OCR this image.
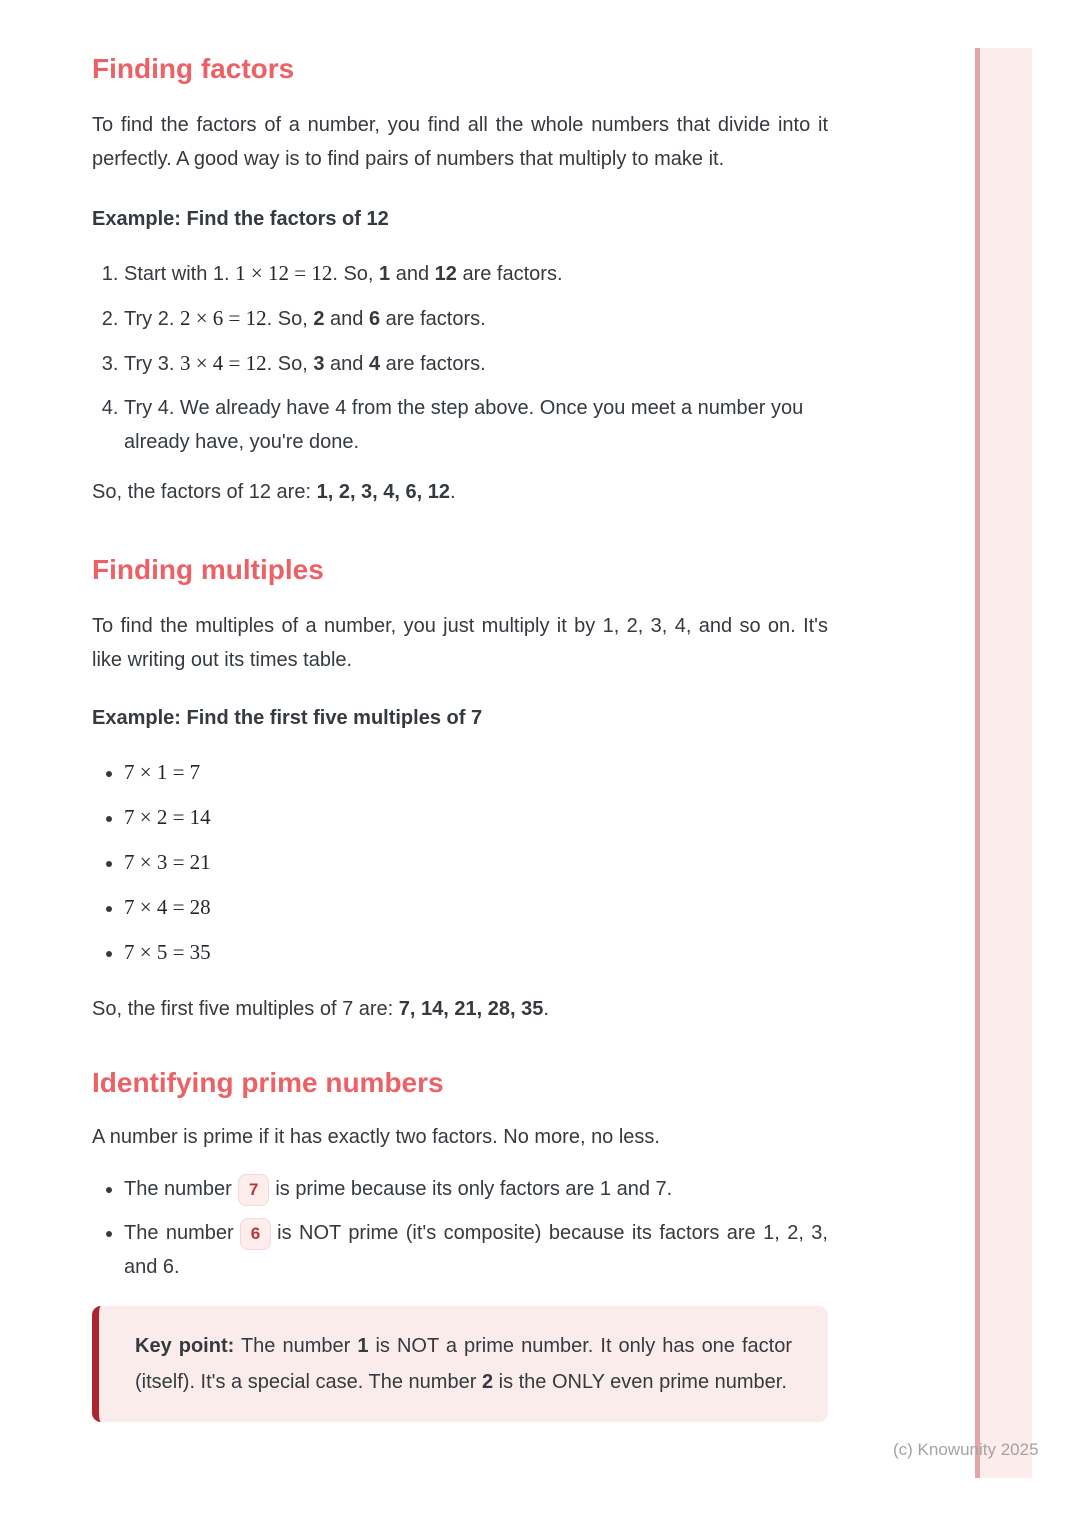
(c) Knowunity 2025
Finding factors

To find the factors of a number, you find all the whole numbers that divide into it perfectly. A good way is to find pairs of numbers that multiply to make it.

Example: Find the factors of 12

1. Start with 1. 1 × 12 = 12. So, 1 and 12 are factors.
2. Try 2. 2 × 6 = 12. So, 2 and 6 are factors.
3. Try 3. 3 × 4 = 12. So, 3 and 4 are factors.
4. Try 4. We already have 4 from the step above. Once you meet a number you already have, you're done.

So, the factors of 12 are: 1, 2, 3, 4, 6, 12.

Finding multiples

To find the multiples of a number, you just multiply it by 1, 2, 3, 4, and so on. It's like writing out its times table.

Example: Find the first five multiples of 7

• 7 × 1 = 7
• 7 × 2 = 14
• 7 × 3 = 21
• 7 × 4 = 28
• 7 × 5 = 35

So, the first five multiples of 7 are: 7, 14, 21, 28, 35.

Identifying prime numbers

A number is prime if it has exactly two factors. No more, no less.

• The number 7 is prime because its only factors are 1 and 7.
• The number 6 is NOT prime (it's composite) because its factors are 1, 2, 3, and 6.

Key point: The number 1 is NOT a prime number. It only has one factor (itself). It's a special case. The number 2 is the ONLY even prime number.
